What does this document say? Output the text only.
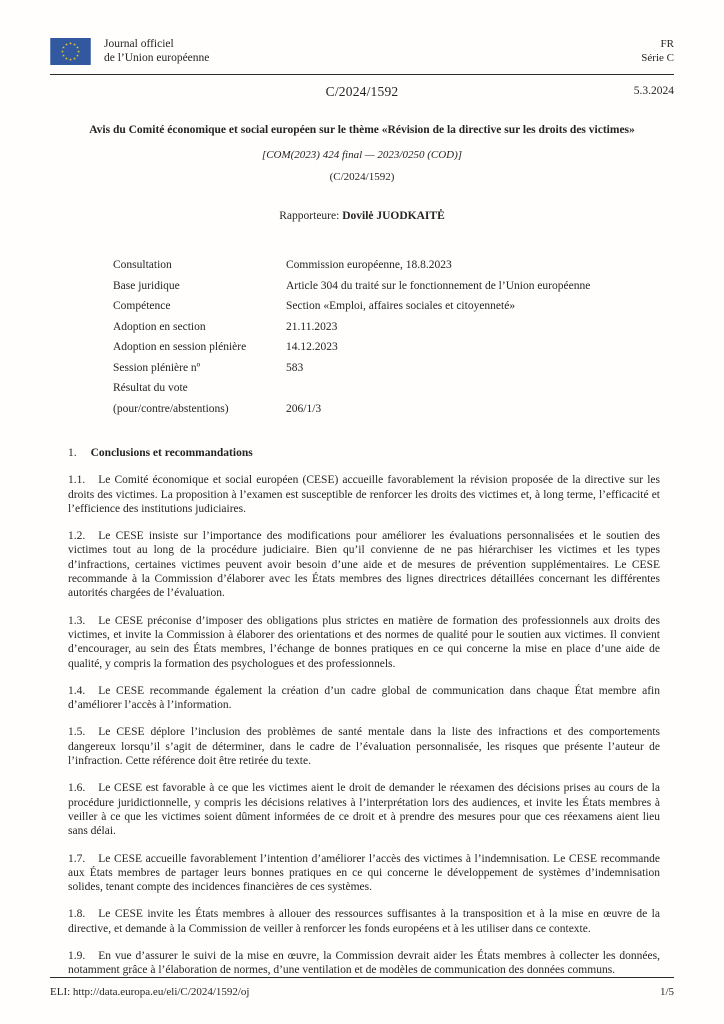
Journal officiel
de l’Union européenne
FR
Série C
C/2024/1592	5.3.2024
Avis du Comité économique et social européen sur le thème «Révision de la directive sur les droits des victimes»
[COM(2023) 424 final — 2023/0250 (COD)]
(C/2024/1592)
Rapporteure: Dovilė JUODKAITĖ
Consultation	Commission européenne, 18.8.2023
Base juridique	Article 304 du traité sur le fonctionnement de l’Union européenne
Compétence	Section «Emploi, affaires sociales et citoyenneté»
Adoption en section	21.11.2023
Adoption en session plénière	14.12.2023
Session plénière nº	583
Résultat du vote
(pour/contre/abstentions)	206/1/3
1. Conclusions et recommandations

1.1. Le Comité économique et social européen (CESE) accueille favorablement la révision proposée de la directive sur les droits des victimes. La proposition à l’examen est susceptible de renforcer les droits des victimes et, à long terme, l’efficacité et l’efficience des institutions judiciaires.

1.2. Le CESE insiste sur l’importance des modifications pour améliorer les évaluations personnalisées et le soutien des victimes tout au long de la procédure judiciaire. Bien qu’il convienne de ne pas hiérarchiser les victimes et les types d’infractions, certaines victimes peuvent avoir besoin d’une aide et de mesures de prévention supplémentaires. Le CESE recommande à la Commission d’élaborer avec les États membres des lignes directrices détaillées concernant les différentes autorités chargées de l’évaluation.

1.3. Le CESE préconise d’imposer des obligations plus strictes en matière de formation des professionnels aux droits des victimes, et invite la Commission à élaborer des orientations et des normes de qualité pour le soutien aux victimes. Il convient d’encourager, au sein des États membres, l’échange de bonnes pratiques en ce qui concerne la mise en place d’une aide de qualité, y compris la formation des psychologues et des professionnels.

1.4. Le CESE recommande également la création d’un cadre global de communication dans chaque État membre afin d’améliorer l’accès à l’information.

1.5. Le CESE déplore l’inclusion des problèmes de santé mentale dans la liste des infractions et des comportements dangereux lorsqu’il s’agit de déterminer, dans le cadre de l’évaluation personnalisée, les risques que présente l’auteur de l’infraction. Cette référence doit être retirée du texte.

1.6. Le CESE est favorable à ce que les victimes aient le droit de demander le réexamen des décisions prises au cours de la procédure juridictionnelle, y compris les décisions relatives à l’interprétation lors des audiences, et invite les États membres à veiller à ce que les victimes soient dûment informées de ce droit et à prendre des mesures pour que ces réexamens aient lieu sans délai.

1.7. Le CESE accueille favorablement l’intention d’améliorer l’accès des victimes à l’indemnisation. Le CESE recommande aux États membres de partager leurs bonnes pratiques en ce qui concerne le développement de systèmes d’indemnisation solides, tenant compte des incidences financières de ces systèmes.

1.8. Le CESE invite les États membres à allouer des ressources suffisantes à la transposition et à la mise en œuvre de la directive, et demande à la Commission de veiller à renforcer les fonds européens et à les utiliser dans ce contexte.

1.9. En vue d’assurer le suivi de la mise en œuvre, la Commission devrait aider les États membres à collecter les données, notamment grâce à l’élaboration de normes, d’une ventilation et de modèles de communication des données communs.

ELI: http://data.europa.eu/eli/C/2024/1592/oj	1/5
